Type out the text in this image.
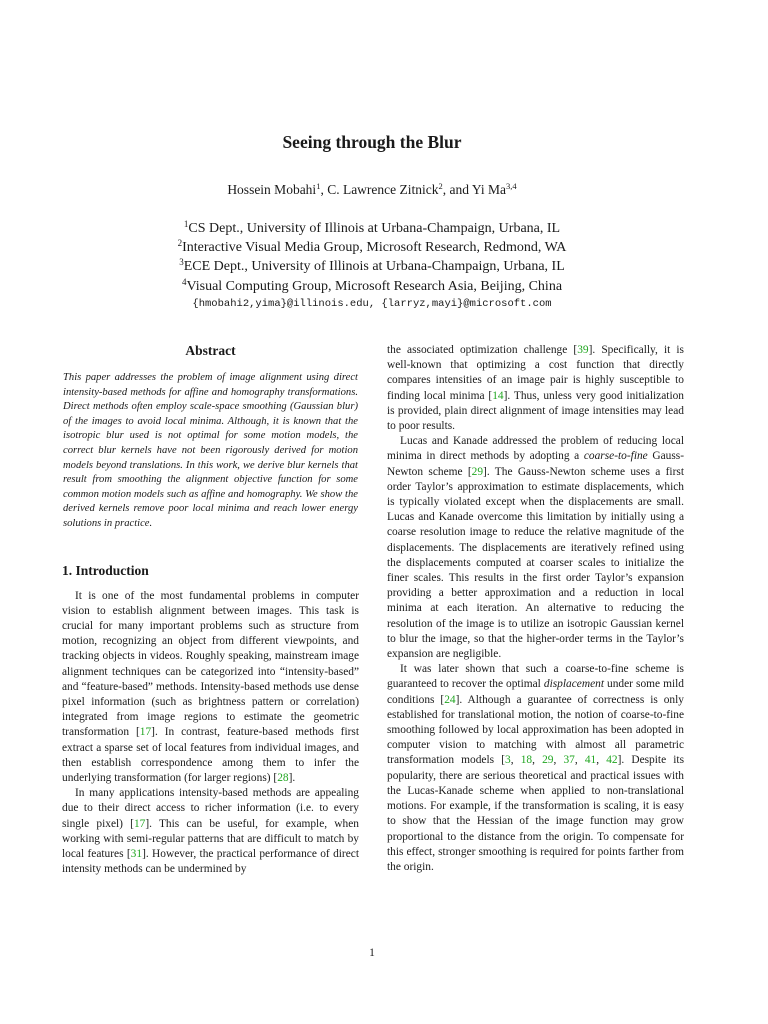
Seeing through the Blur
Hossein Mobahi$^1$, C. Lawrence Zitnick$^2$, and Yi Ma$^{3,4}$
$^1$CS Dept., University of Illinois at Urbana-Champaign, Urbana, IL
$^2$Interactive Visual Media Group, Microsoft Research, Redmond, WA
$^3$ECE Dept., University of Illinois at Urbana-Champaign, Urbana, IL
$^4$Visual Computing Group, Microsoft Research Asia, Beijing, China
{hmobahi2,yima}@illinois.edu, {larryz,mayi}@microsoft.com
Abstract
This paper addresses the problem of image alignment using direct intensity-based methods for affine and homography transformations. Direct methods often employ scale-space smoothing (Gaussian blur) of the images to avoid local minima. Although, it is known that the isotropic blur used is not optimal for some motion models, the correct blur kernels have not been rigorously derived for motion models beyond translations. In this work, we derive blur kernels that result from smoothing the alignment objective function for some common motion models such as affine and homography. We show the derived kernels remove poor local minima and reach lower energy solutions in practice.
1. Introduction

It is one of the most fundamental problems in computer vision to establish alignment between images. This task is crucial for many important problems such as structure from motion, recognizing an object from different viewpoints, and tracking objects in videos. Roughly speaking, mainstream image alignment techniques can be categorized into “intensity-based” and “feature-based” methods. Intensity-based methods use dense pixel information (such as brightness pattern or correlation) integrated from image regions to estimate the geometric transformation [17]. In contrast, feature-based methods first extract a sparse set of local features from individual images, and then establish correspondence among them to infer the underlying transformation (for larger regions) [28].

In many applications intensity-based methods are appealing due to their direct access to richer information (i.e. to every single pixel) [17]. This can be useful, for example, when working with semi-regular patterns that are difficult to match by local features [31]. However, the practical performance of direct intensity methods can be undermined by

the associated optimization challenge [39]. Specifically, it is well-known that optimizing a cost function that directly compares intensities of an image pair is highly susceptible to finding local minima [14]. Thus, unless very good initialization is provided, plain direct alignment of image intensities may lead to poor results.

Lucas and Kanade addressed the problem of reducing local minima in direct methods by adopting a coarse-to-fine Gauss-Newton scheme [29]. The Gauss-Newton scheme uses a first order Taylor’s approximation to estimate displacements, which is typically violated except when the displacements are small. Lucas and Kanade overcome this limitation by initially using a coarse resolution image to reduce the relative magnitude of the displacements. The displacements are iteratively refined using the displacements computed at coarser scales to initialize the finer scales. This results in the first order Taylor’s expansion providing a better approximation and a reduction in local minima at each iteration. An alternative to reducing the resolution of the image is to utilize an isotropic Gaussian kernel to blur the image, so that the higher-order terms in the Taylor’s expansion are negligible.

It was later shown that such a coarse-to-fine scheme is guaranteed to recover the optimal displacement under some mild conditions [24]. Although a guarantee of correctness is only established for translational motion, the notion of coarse-to-fine smoothing followed by local approximation has been adopted in computer vision to matching with almost all parametric transformation models [3, 18, 29, 37, 41, 42]. Despite its popularity, there are serious theoretical and practical issues with the Lucas-Kanade scheme when applied to non-translational motions. For example, if the transformation is scaling, it is easy to show that the Hessian of the image function may grow proportional to the distance from the origin. To compensate for this effect, stronger smoothing is required for points farther from the origin.

1
